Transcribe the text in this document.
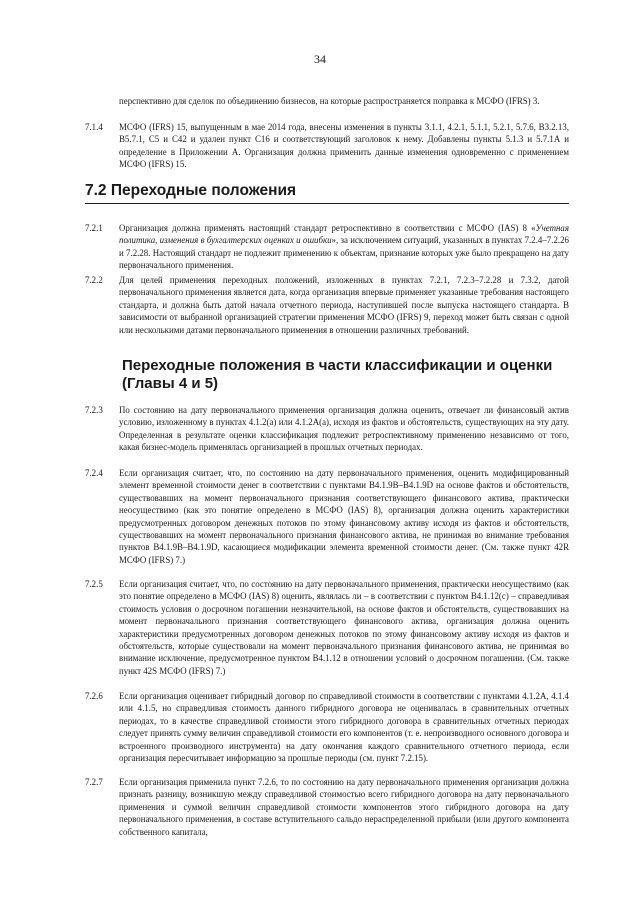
34
перспективно для сделок по объединению бизнесов, на которые распространяется поправка к МСФО (IFRS) 3.
7.1.4 МСФО (IFRS) 15, выпущенным в мае 2014 года, внесены изменения в пункты 3.1.1, 4.2.1, 5.1.1, 5.2.1, 5.7.6, В3.2.13, В5.7.1, С5 и С42 и удален пункт С16 и соответствующий заголовок к нему. Добавлены пункты 5.1.3 и 5.7.1А и определение в Приложении А. Организация должна применить данные изменения одновременно с применением МСФО (IFRS) 15.
7.2 Переходные положения
7.2.1 Организация должна применять настоящий стандарт ретроспективно в соответствии с МСФО (IAS) 8 «Учетная политика, изменения в бухгалтерских оценках и ошибки», за исключением ситуаций, указанных в пунктах 7.2.4–7.2.26 и 7.2.28. Настоящий стандарт не подлежит применению к объектам, признание которых уже было прекращено на дату первоначального применения.
7.2.2 Для целей применения переходных положений, изложенных в пунктах 7.2.1, 7.2.3–7.2.28 и 7.3.2, датой первоначального применения является дата, когда организация впервые применяет указанные требования настоящего стандарта, и должна быть датой начала отчетного периода, наступившей после выпуска настоящего стандарта. В зависимости от выбранной организацией стратегии применения МСФО (IFRS) 9, переход может быть связан с одной или несколькими датами первоначального применения в отношении различных требований.
Переходные положения в части классификации и оценки (Главы 4 и 5)
7.2.3 По состоянию на дату первоначального применения организация должна оценить, отвечает ли финансовый актив условию, изложенному в пунктах 4.1.2(а) или 4.1.2А(а), исходя из фактов и обстоятельств, существующих на эту дату. Определенная в результате оценки классификация подлежит ретроспективному применению независимо от того, какая бизнес-модель применялась организацией в прошлых отчетных периодах.
7.2.4 Если организация считает, что, по состоянию на дату первоначального применения, оценить модифицированный элемент временной стоимости денег в соответствии с пунктами В4.1.9В–В4.1.9D на основе фактов и обстоятельств, существовавших на момент первоначального признания соответствующего финансового актива, практически неосуществимо (как это понятие определено в МСФО (IAS) 8), организация должна оценить характеристики предусмотренных договором денежных потоков по этому финансовому активу исходя из фактов и обстоятельств, существовавших на момент первоначального признания финансового актива, не принимая во внимание требования пунктов В4.1.9В–В4.1.9D, касающиеся модификации элемента временной стоимости денег. (См. также пункт 42R МСФО (IFRS) 7.)
7.2.5 Если организация считает, что, по состоянию на дату первоначального применения, практически неосуществимо (как это понятие определено в МСФО (IAS) 8) оценить, являлась ли – в соответствии с пунктом В4.1.12(с) – справедливая стоимость условия о досрочном погашении незначительной, на основе фактов и обстоятельств, существовавших на момент первоначального признания соответствующего финансового актива, организация должна оценить характеристики предусмотренных договором денежных потоков по этому финансовому активу исходя из фактов и обстоятельств, которые существовали на момент первоначального признания финансового актива, не принимая во внимание исключение, предусмотренное пунктом В4.1.12 в отношении условий о досрочном погашении. (См. также пункт 42S МСФО (IFRS) 7.)
7.2.6 Если организация оценивает гибридный договор по справедливой стоимости в соответствии с пунктами 4.1.2А, 4.1.4 или 4.1.5, но справедливая стоимость данного гибридного договора не оценивалась в сравнительных отчетных периодах, то в качестве справедливой стоимости этого гибридного договора в сравнительных отчетных периодах следует принять сумму величин справедливой стоимости его компонентов (т. е. непроизводного основного договора и встроенного производного инструмента) на дату окончания каждого сравнительного отчетного периода, если организация пересчитывает информацию за прошлые периоды (см. пункт 7.2.15).
7.2.7 Если организация применила пункт 7.2.6, то по состоянию на дату первоначального применения организация должна признать разницу, возникшую между справедливой стоимостью всего гибридного договора на дату первоначального применения и суммой величин справедливой стоимости компонентов этого гибридного договора на дату первоначального применения, в составе вступительного сальдо нераспределенной прибыли (или другого компонента собственного капитала,
